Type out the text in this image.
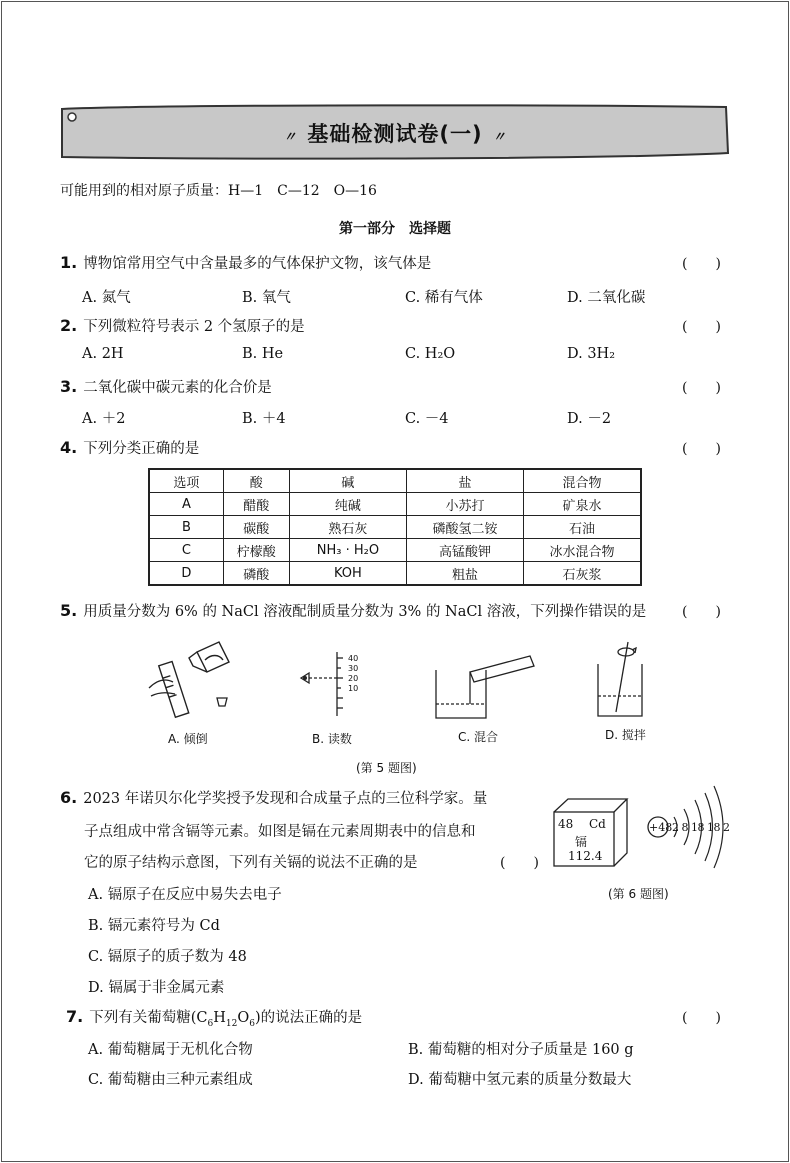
〃 基础检测试卷(一) 〃
可能用到的相对原子质量：H—1　C—12　O—16
第一部分　选择题
1. 博物馆常用空气中含量最多的气体保护文物，该气体是	(　　)
A. 氮气	B. 氧气	C. 稀有气体	D. 二氧化碳
2. 下列微粒符号表示 2 个氢原子的是	(　　)
A. 2H	B. He	C. H₂O	D. 3H₂
3. 二氧化碳中碳元素的化合价是	(　　)
A. ＋2	B. ＋4	C. －4	D. －2
4. 下列分类正确的是	(　　)
选项	酸	碱	盐	混合物
A	醋酸	纯碱	小苏打	矿泉水
B	碳酸	熟石灰	磷酸氢二铵	石油
C	柠檬酸	NH₃ · H₂O	高锰酸钾	冰水混合物
D	磷酸	KOH	粗盐	石灰浆
5. 用质量分数为 6% 的 NaCl 溶液配制质量分数为 3% 的 NaCl 溶液，下列操作错误的是	(　　)
40
30
20
10
A. 倾倒	B. 读数	C. 混合	D. 搅拌
(第 5 题图)
6. 2023 年诺贝尔化学奖授予发现和合成量子点的三位科学家。量
子点组成中常含镉等元素。如图是镉在元素周期表中的信息和
它的原子结构示意图，下列有关镉的说法不正确的是	(　　)
A. 镉原子在反应中易失去电子
B. 镉元素符号为 Cd
C. 镉原子的质子数为 48
D. 镉属于非金属元素
48 Cd
镉
112.4
+48 2 8 18 18 2
(第 6 题图)
7. 下列有关葡萄糖$(C_6H_{12}O_6)$的说法正确的是	(　　)
A. 葡萄糖属于无机化合物	B. 葡萄糖的相对分子质量是 160 g
C. 葡萄糖由三种元素组成	D. 葡萄糖中氢元素的质量分数最大
